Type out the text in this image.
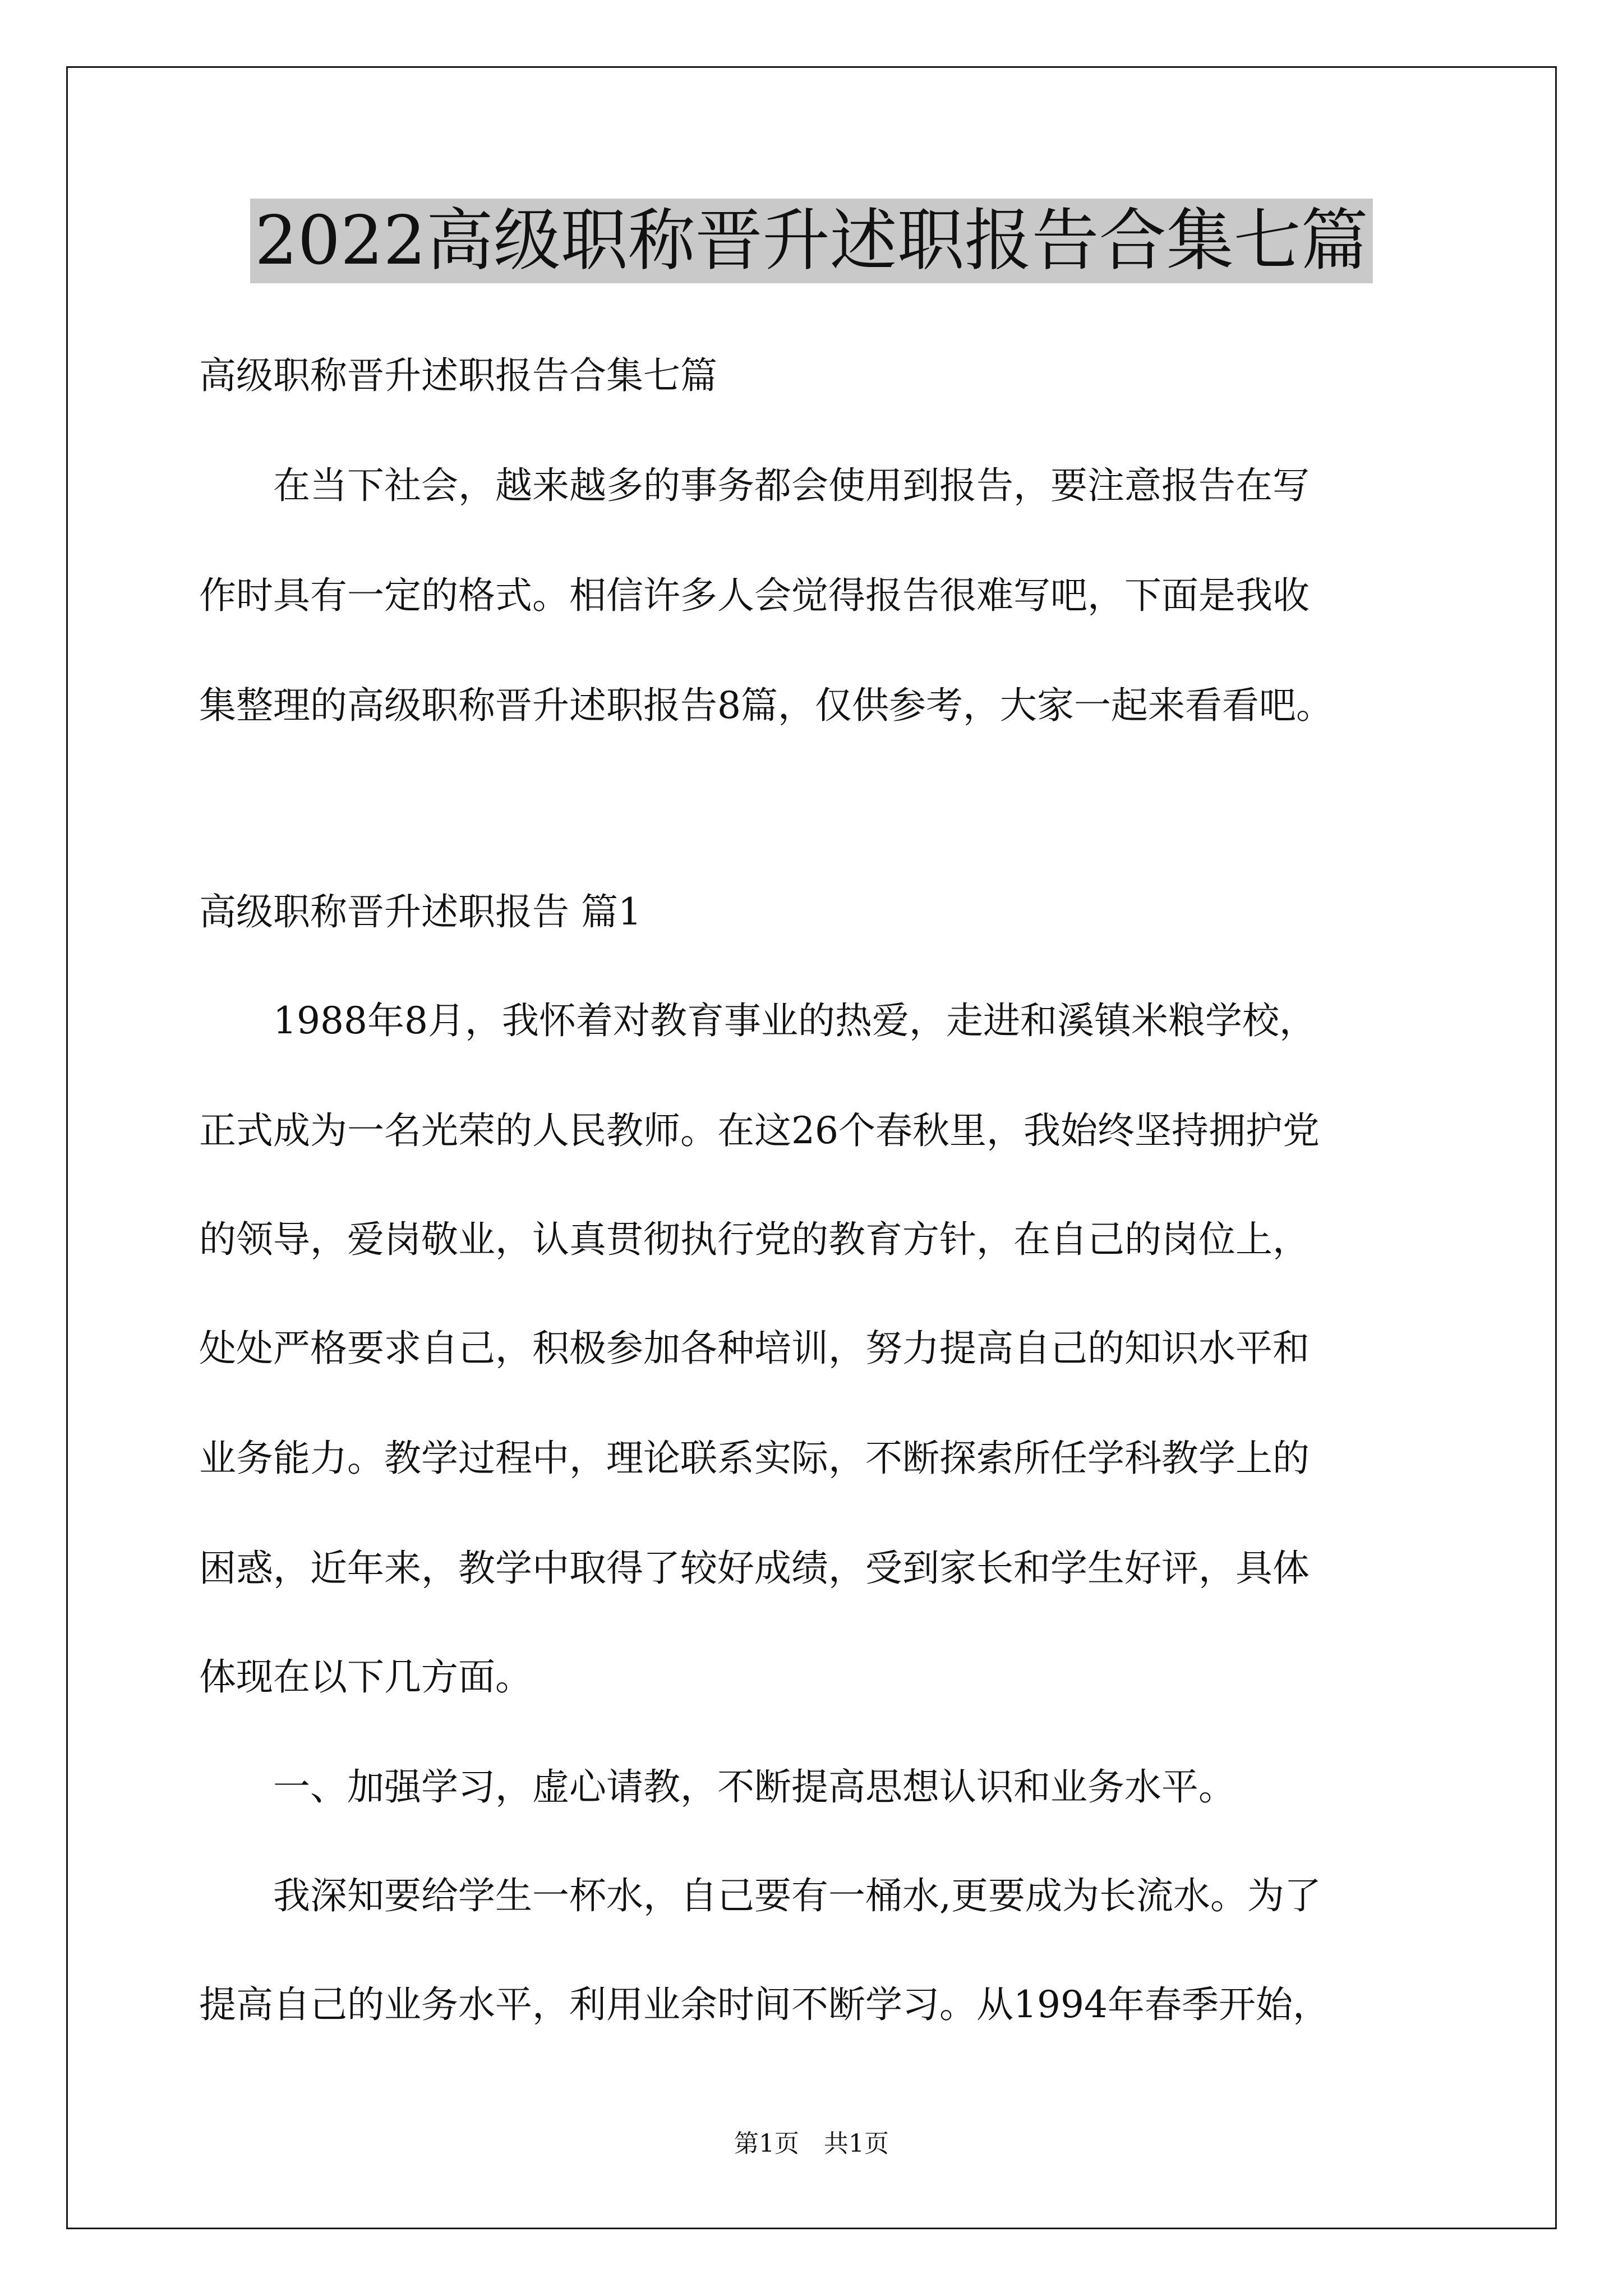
2022高级职称晋升述职报告合集七篇

高级职称晋升述职报告合集七篇

　　在当下社会，越来越多的事务都会使用到报告，要注意报告在写

作时具有一定的格式。相信许多人会觉得报告很难写吧，下面是我收

集整理的高级职称晋升述职报告8篇，仅供参考，大家一起来看看吧。

高级职称晋升述职报告 篇1

　　1988年8月，我怀着对教育事业的热爱，走进和溪镇米粮学校，

正式成为一名光荣的人民教师。在这26个春秋里，我始终坚持拥护党

的领导，爱岗敬业，认真贯彻执行党的教育方针，在自己的岗位上，

处处严格要求自己，积极参加各种培训，努力提高自己的知识水平和

业务能力。教学过程中，理论联系实际，不断探索所任学科教学上的

困惑，近年来，教学中取得了较好成绩，受到家长和学生好评，具体

体现在以下几方面。

　　一、加强学习，虚心请教，不断提高思想认识和业务水平。

　　我深知要给学生一杯水，自己要有一桶水,更要成为长流水。为了

提高自己的业务水平，利用业余时间不断学习。从1994年春季开始，

第1页　共1页
